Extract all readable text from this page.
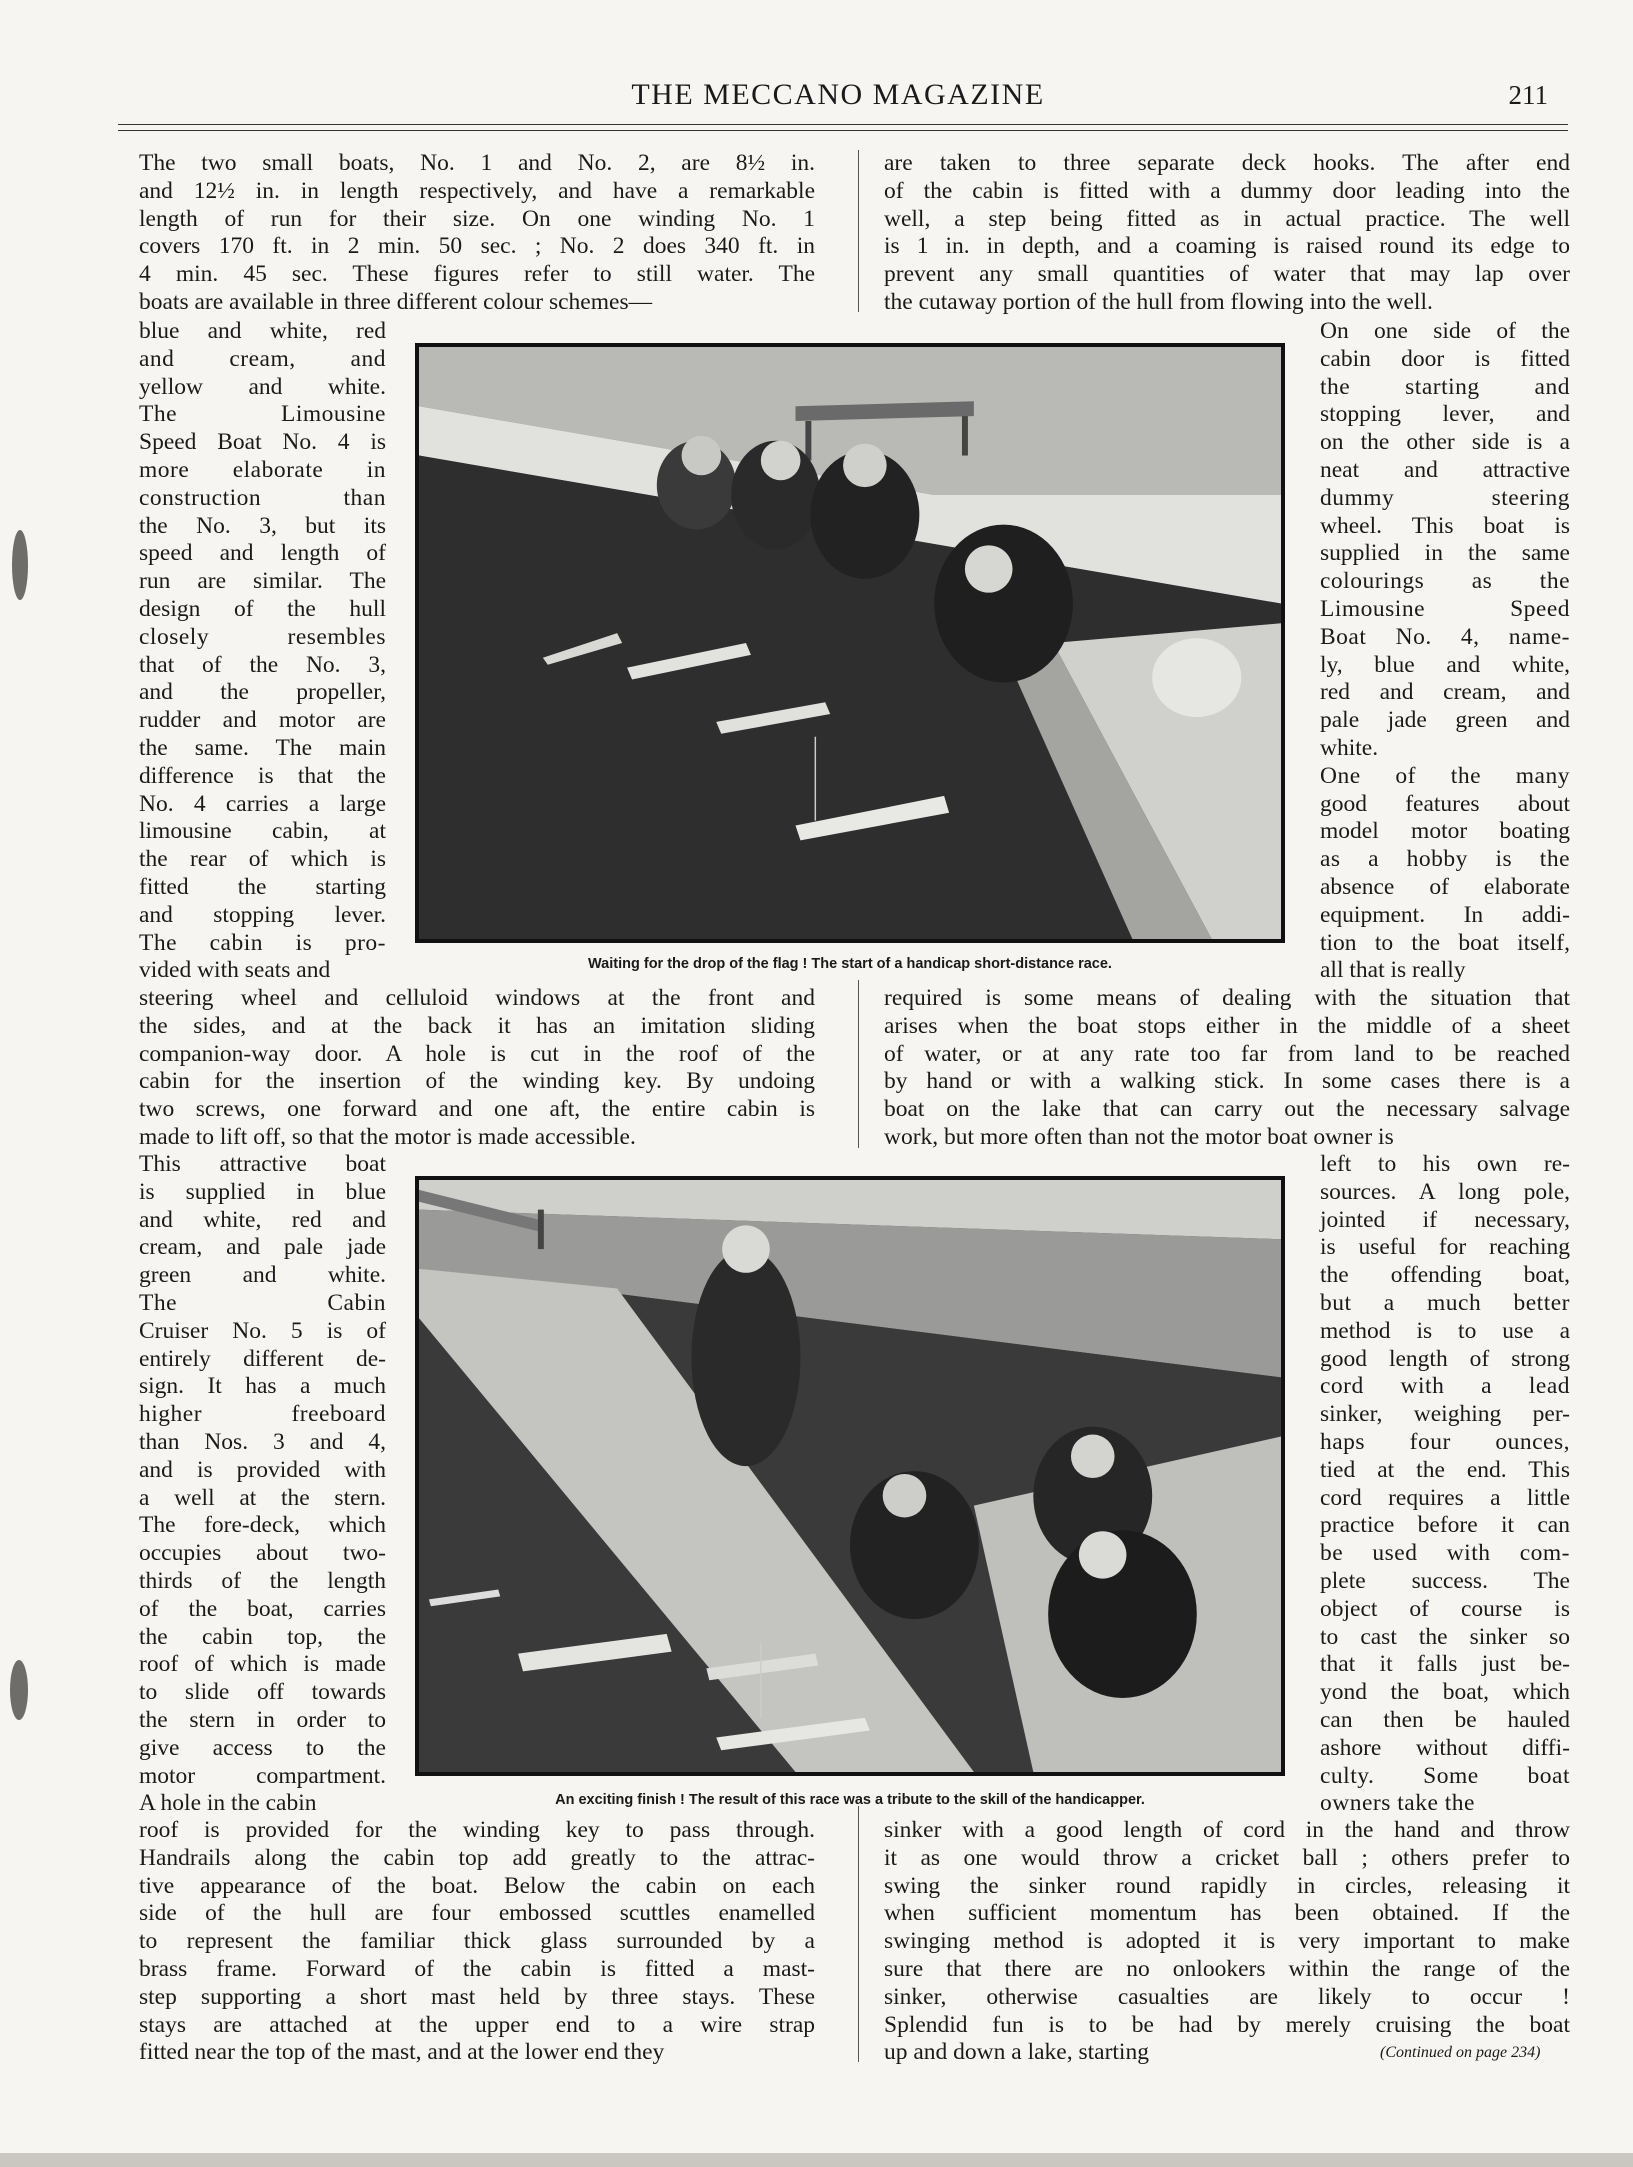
THE MECCANO MAGAZINE	211
The two small boats, No. 1 and No. 2, are 8½ in.
and 12½ in. in length respectively, and have a remarkable
length of run for their size. On one winding No. 1
covers 170 ft. in 2 min. 50 sec. ; No. 2 does 340 ft. in
4 min. 45 sec. These figures refer to still water. The
boats are available in three different colour schemes—
are taken to three separate deck hooks. The after end
of the cabin is fitted with a dummy door leading into the
well, a step being fitted as in actual practice. The well
is 1 in. in depth, and a coaming is raised round its edge to
prevent any small quantities of water that may lap over
the cutaway portion of the hull from flowing into the well.
blue and white, red
and cream, and
yellow and white.
The Limousine
Speed Boat No. 4 is
more elaborate in
construction than
the No. 3, but its
speed and length of
run are similar. The
design of the hull
closely resembles
that of the No. 3,
and the propeller,
rudder and motor are
the same. The main
difference is that the
No. 4 carries a large
limousine cabin, at
the rear of which is
fitted the starting
and stopping lever.
The cabin is pro-
vided with seats and
On one side of the
cabin door is fitted
the starting and
stopping lever, and
on the other side is a
neat and attractive
dummy steering
wheel. This boat is
supplied in the same
colourings as the
Limousine Speed
Boat No. 4, name-
ly, blue and white,
red and cream, and
pale jade green and
white.
One of the many
good features about
model motor boating
as a hobby is the
absence of elaborate
equipment. In addi-
tion to the boat itself,
all that is really
steering wheel and celluloid windows at the front and
the sides, and at the back it has an imitation sliding
companion-way door. A hole is cut in the roof of the
cabin for the insertion of the winding key. By undoing
two screws, one forward and one aft, the entire cabin is
made to lift off, so that the motor is made accessible.
required is some means of dealing with the situation that
arises when the boat stops either in the middle of a sheet
of water, or at any rate too far from land to be reached
by hand or with a walking stick. In some cases there is a
boat on the lake that can carry out the necessary salvage
work, but more often than not the motor boat owner is
This attractive boat
is supplied in blue
and white, red and
cream, and pale jade
green and white.
The Cabin
Cruiser No. 5 is of
entirely different de-
sign. It has a much
higher freeboard
than Nos. 3 and 4,
and is provided with
a well at the stern.
The fore-deck, which
occupies about two-
thirds of the length
of the boat, carries
the cabin top, the
roof of which is made
to slide off towards
the stern in order to
give access to the
motor compartment.
A hole in the cabin
left to his own re-
sources. A long pole,
jointed if necessary,
is useful for reaching
the offending boat,
but a much better
method is to use a
good length of strong
cord with a lead
sinker, weighing per-
haps four ounces,
tied at the end. This
cord requires a little
practice before it can
be used with com-
plete success. The
object of course is
to cast the sinker so
that it falls just be-
yond the boat, which
can then be hauled
ashore without diffi-
culty. Some boat
owners take the
roof is provided for the winding key to pass through.
Handrails along the cabin top add greatly to the attrac-
tive appearance of the boat. Below the cabin on each
side of the hull are four embossed scuttles enamelled
to represent the familiar thick glass surrounded by a
brass frame. Forward of the cabin is fitted a mast-
step supporting a short mast held by three stays. These
stays are attached at the upper end to a wire strap
fitted near the top of the mast, and at the lower end they
sinker with a good length of cord in the hand and throw
it as one would throw a cricket ball ; others prefer to
swing the sinker round rapidly in circles, releasing it
when sufficient momentum has been obtained. If the
swinging method is adopted it is very important to make
sure that there are no onlookers within the range of the
sinker, otherwise casualties are likely to occur !
Splendid fun is to be had by merely cruising the boat
up and down a lake, starting
Waiting for the drop of the flag ! The start of a handicap short-distance race.
An exciting finish ! The result of this race was a tribute to the skill of the handicapper.
(Continued on page 234)
